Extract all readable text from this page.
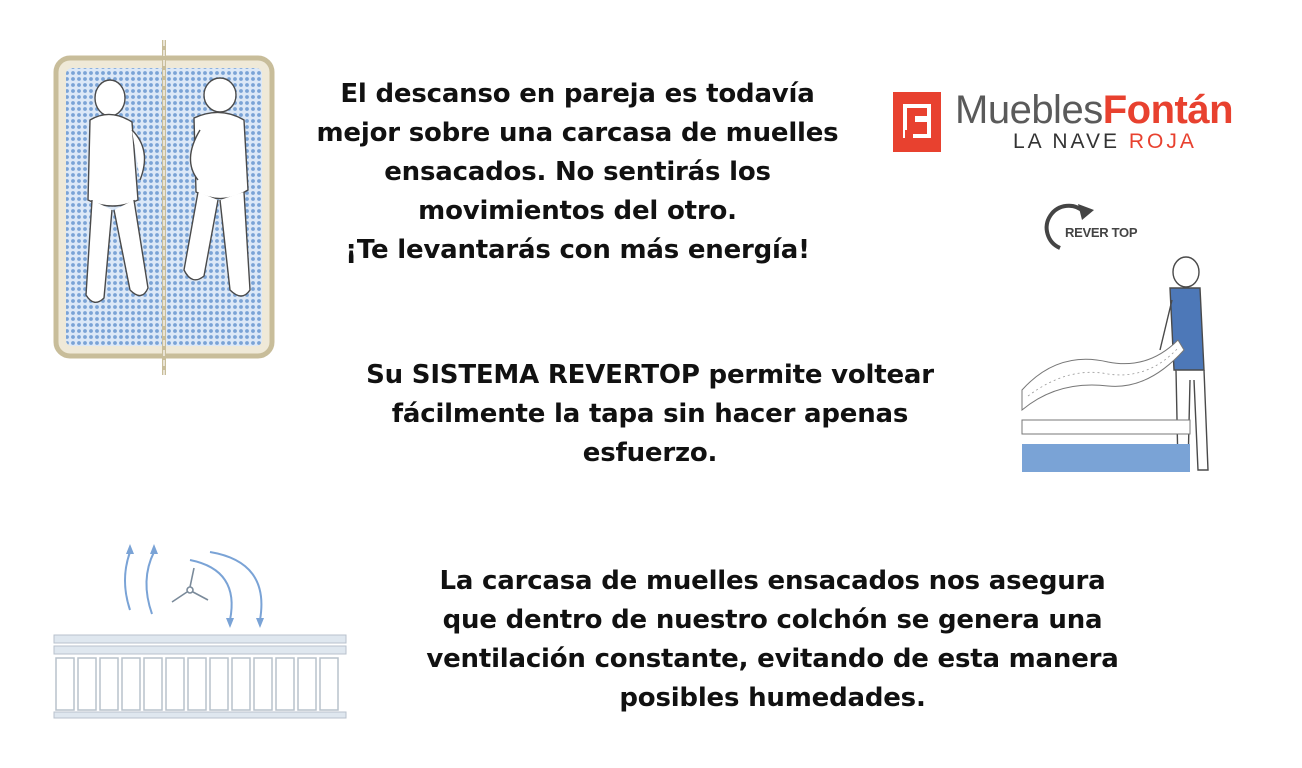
El descanso en pareja es todavía
mejor sobre una carcasa de muelles
ensacados. No sentirás los
movimientos del otro.
¡Te levantarás con más energía!
MueblesFontán
LA NAVE ROJA
REVER TOP
Su SISTEMA REVERTOP permite voltear
fácilmente la tapa sin hacer apenas
esfuerzo.
La carcasa de muelles ensacados nos asegura
que dentro de nuestro colchón se genera una
ventilación constante, evitando de esta manera
posibles humedades.
